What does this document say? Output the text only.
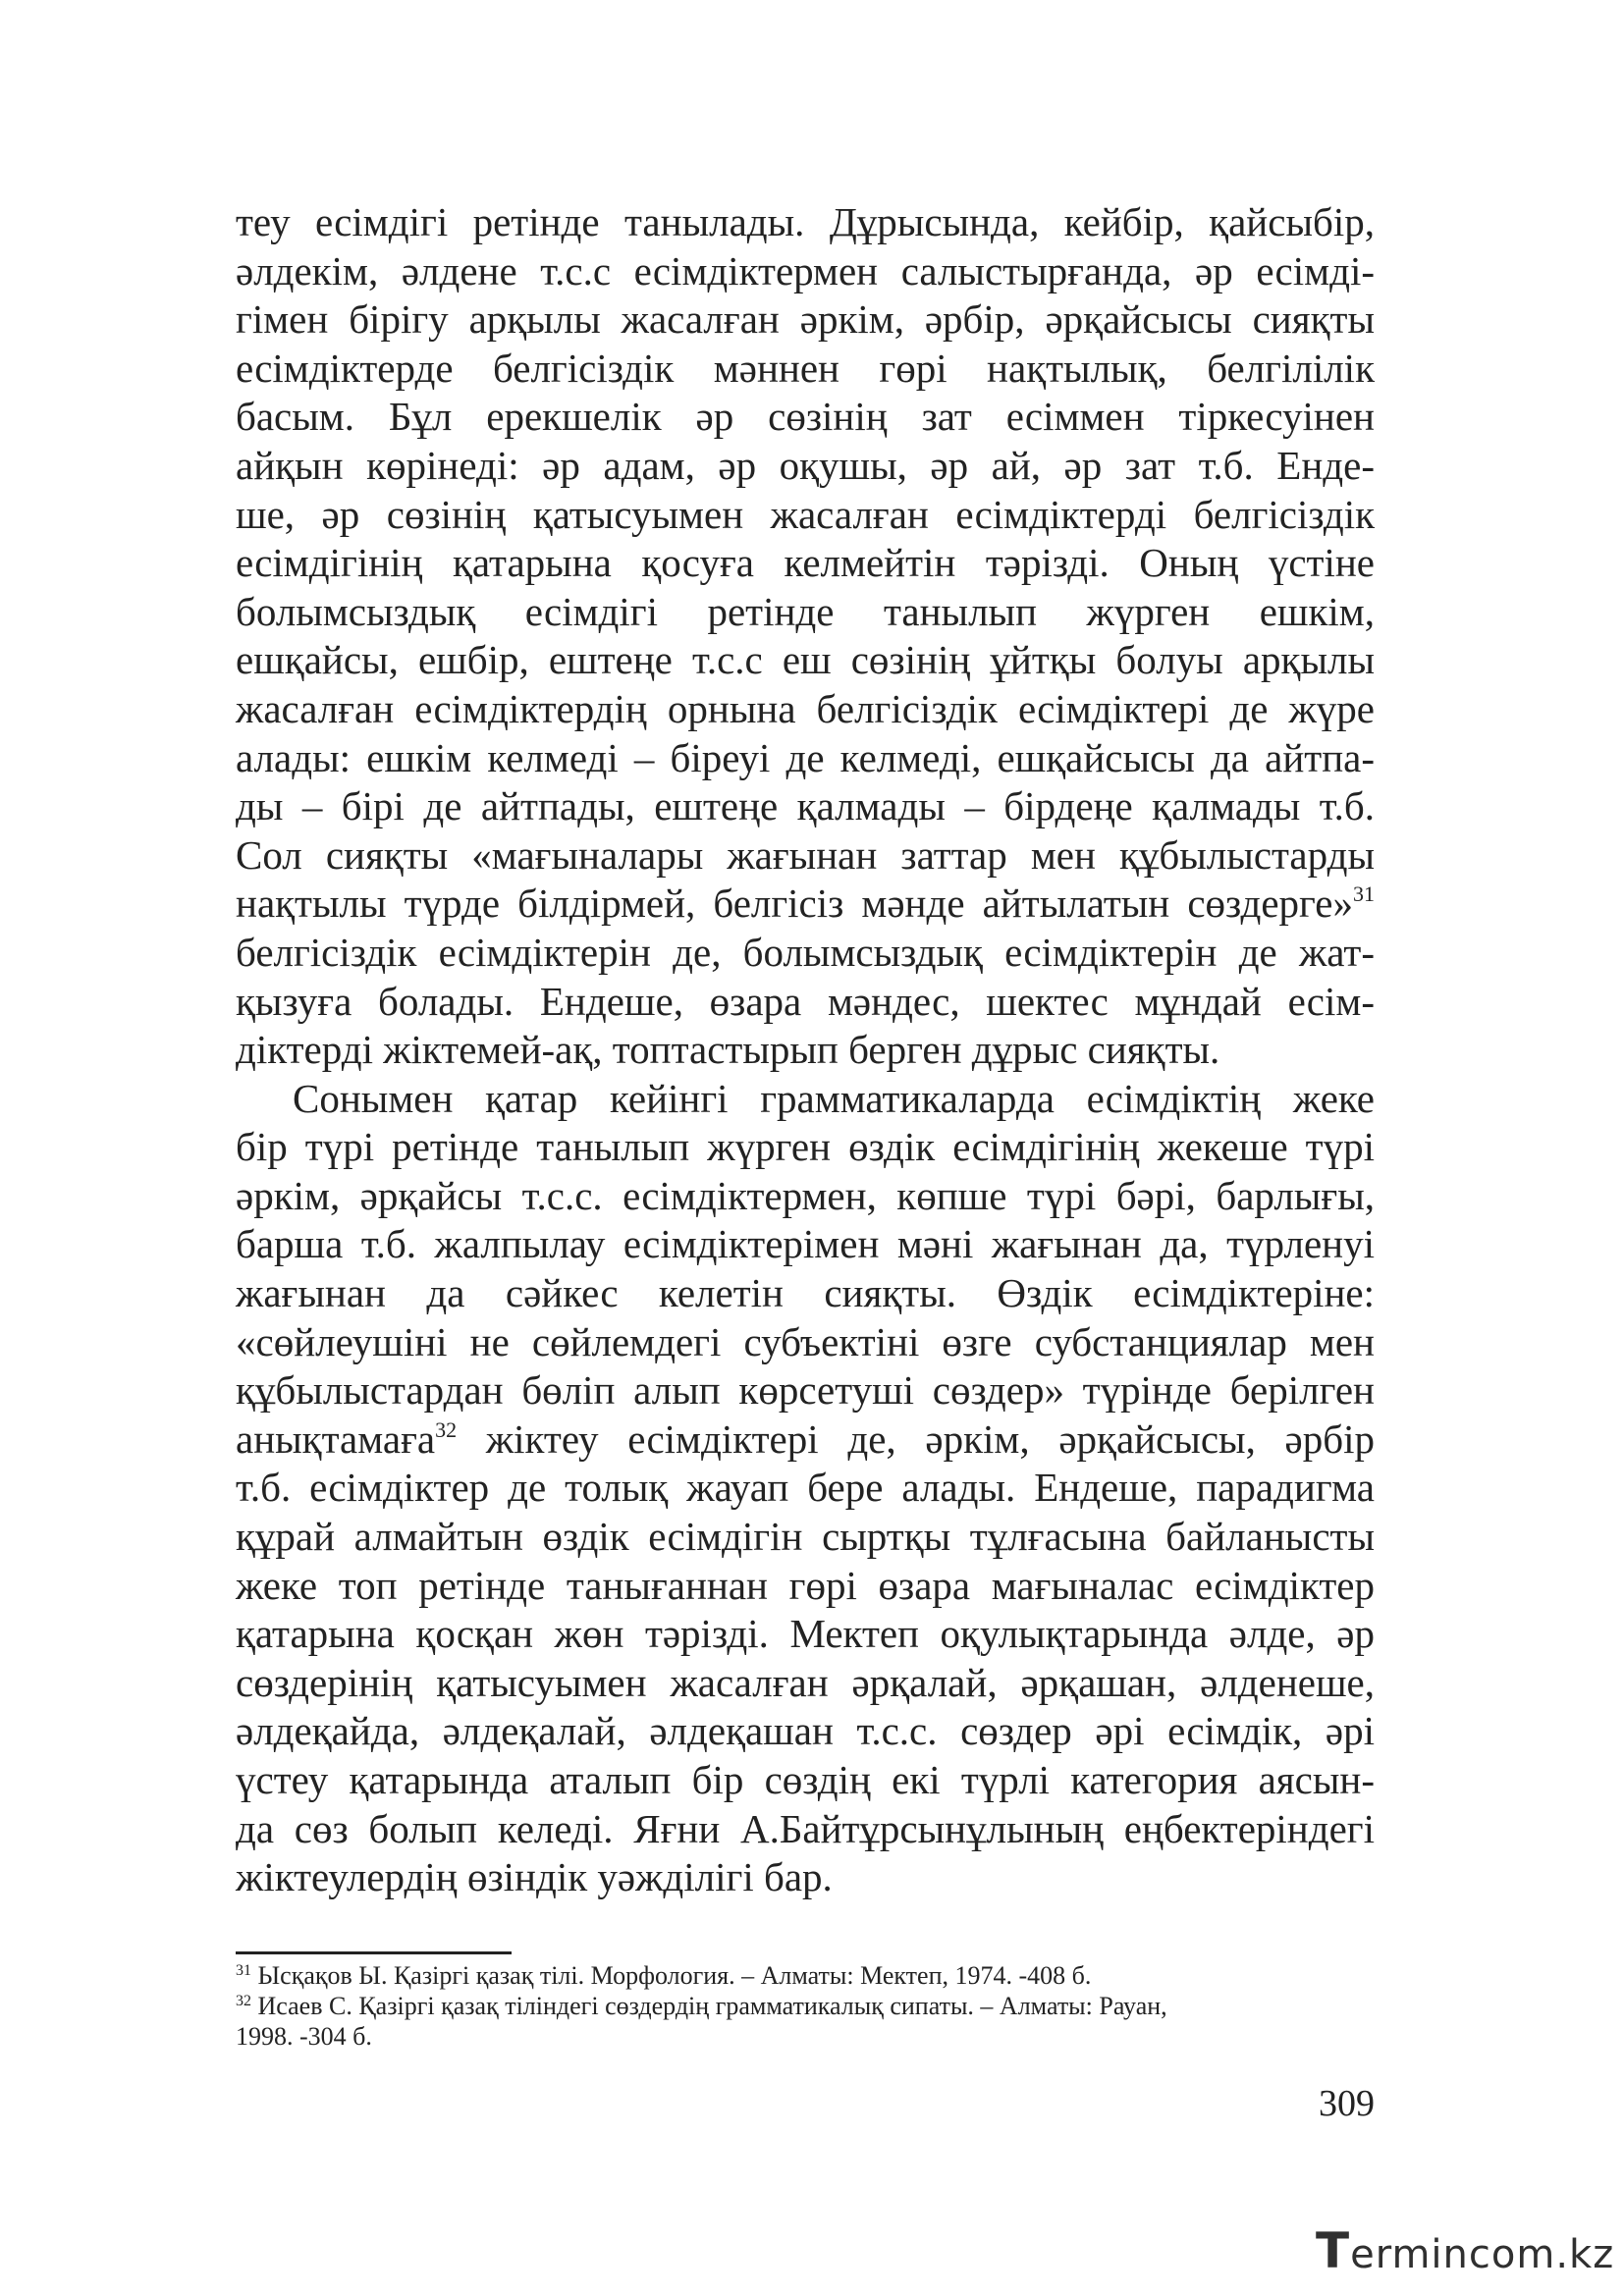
теу есімдігі ретінде танылады. Дұрысында, кейбір, қайсыбір,
әлдекім, әлдене т.с.с есімдіктермен салыстырғанда, әр есімді-
гімен бірігу арқылы жасалған әркім, әрбір, әрқайсысы сияқты
есімдіктерде белгісіздік мәннен гөрі нақтылық, белгілілік
басым. Бұл ерекшелік әр сөзінің зат есіммен тіркесуінен
айқын көрінеді: әр адам, әр оқушы, әр ай, әр зат т.б. Енде-
ше, әр сөзінің қатысуымен жасалған есімдіктерді белгісіздік
есімдігінің қатарына қосуға келмейтін тәрізді. Оның үстіне
болымсыздық есімдігі ретінде танылып жүрген ешкім,
ешқайсы, ешбір, ештеңе т.с.с еш сөзінің ұйтқы болуы арқылы
жасалған есімдіктердің орнына белгісіздік есімдіктері де жүре
алады: ешкім келмеді – біреуі де келмеді, ешқайсысы да айтпа-
ды – бірі де айтпады, ештеңе қалмады – бірдеңе қалмады т.б.
Сол сияқты «мағыналары жағынан заттар мен құбылыстарды
нақтылы түрде білдірмей, белгісіз мәнде айтылатын сөздерге»$^{31}$
белгісіздік есімдіктерін де, болымсыздық есімдіктерін де жат-
қызуға болады. Ендеше, өзара мәндес, шектес мұндай есім-
діктерді жіктемей-ақ, топтастырып берген дұрыс сияқты.

Сонымен қатар кейінгі грамматикаларда есімдіктің жеке
бір түрі ретінде танылып жүрген өздік есімдігінің жекеше түрі
әркім, әрқайсы т.с.с. есімдіктермен, көпше түрі бәрі, барлығы,
барша т.б. жалпылау есімдіктерімен мәні жағынан да, түрленуі
жағынан да сәйкес келетін сияқты. Өздік есімдіктеріне:
«сөйлеушіні не сөйлемдегі субъектіні өзге субстанциялар мен
құбылыстардан бөліп алып көрсетуші сөздер» түрінде берілген
анықтамаға$^{32}$ жіктеу есімдіктері де, әркім, әрқайсысы, әрбір
т.б. есімдіктер де толық жауап бере алады. Ендеше, парадигма
құрай алмайтын өздік есімдігін сыртқы тұлғасына байланысты
жеке топ ретінде танығаннан гөрі өзара мағыналас есімдіктер
қатарына қосқан жөн тәрізді. Мектеп оқулықтарында әлде, әр
сөздерінің қатысуымен жасалған әрқалай, әрқашан, әлденеше,
әлдеқайда, әлдеқалай, әлдеқашан т.с.с. сөздер әрі есімдік, әрі
үстеу қатарында аталып бір сөздің екі түрлі категория аясын-
да сөз болып келеді. Яғни А.Байтұрсынұлының еңбектеріндегі
жіктеулердің өзіндік уәжділігі бар.

$^{31}$ Ысқақов Ы. Қазіргі қазақ тілі. Морфология. – Алматы: Мектеп, 1974. -408 б.

$^{32}$ Исаев С. Қазіргі қазақ тіліндегі сөздердің грамматикалық сипаты. – Алматы: Рауан,
1998. -304 б.

309
Termincom.kz
